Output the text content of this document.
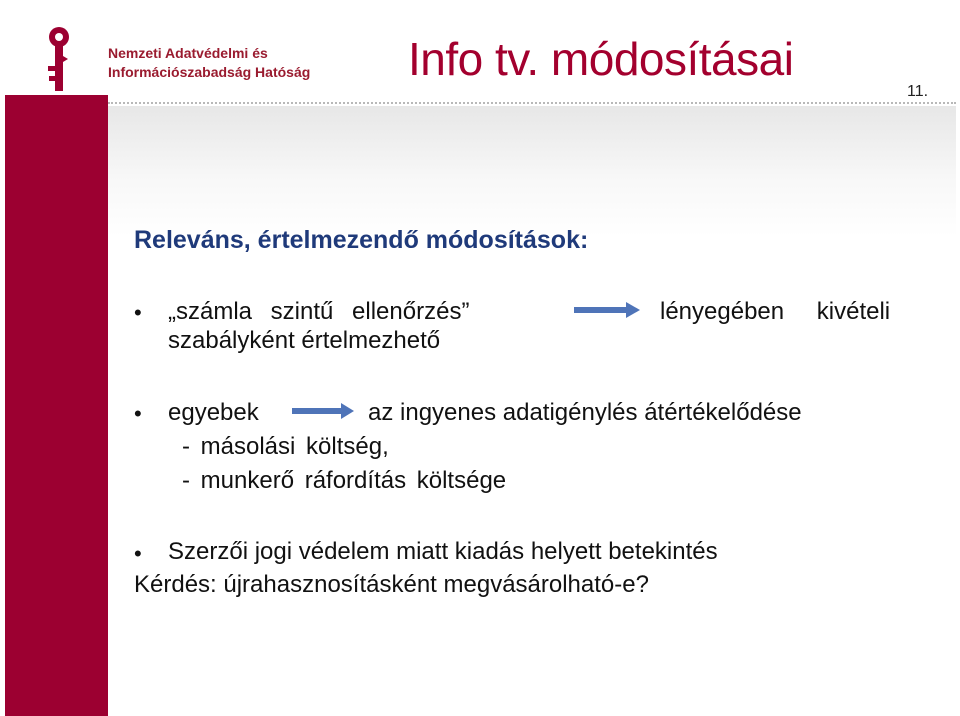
Nemzeti Adatvédelmi és
Információszabadság Hatóság Info tv. módosításai
11.
Releváns, értelmezendő módosítások:
• „számla szintű ellenőrzés”	lényegében kivételi
szabályként értelmezhető
• egyebek	az ingyenes adatigénylés átértékelődése
- másolási költség,
- munkerő ráfordítás költsége
• Szerzői jogi védelem miatt kiadás helyett betekintés
Kérdés: újrahasznosításként megvásárolható-e?
